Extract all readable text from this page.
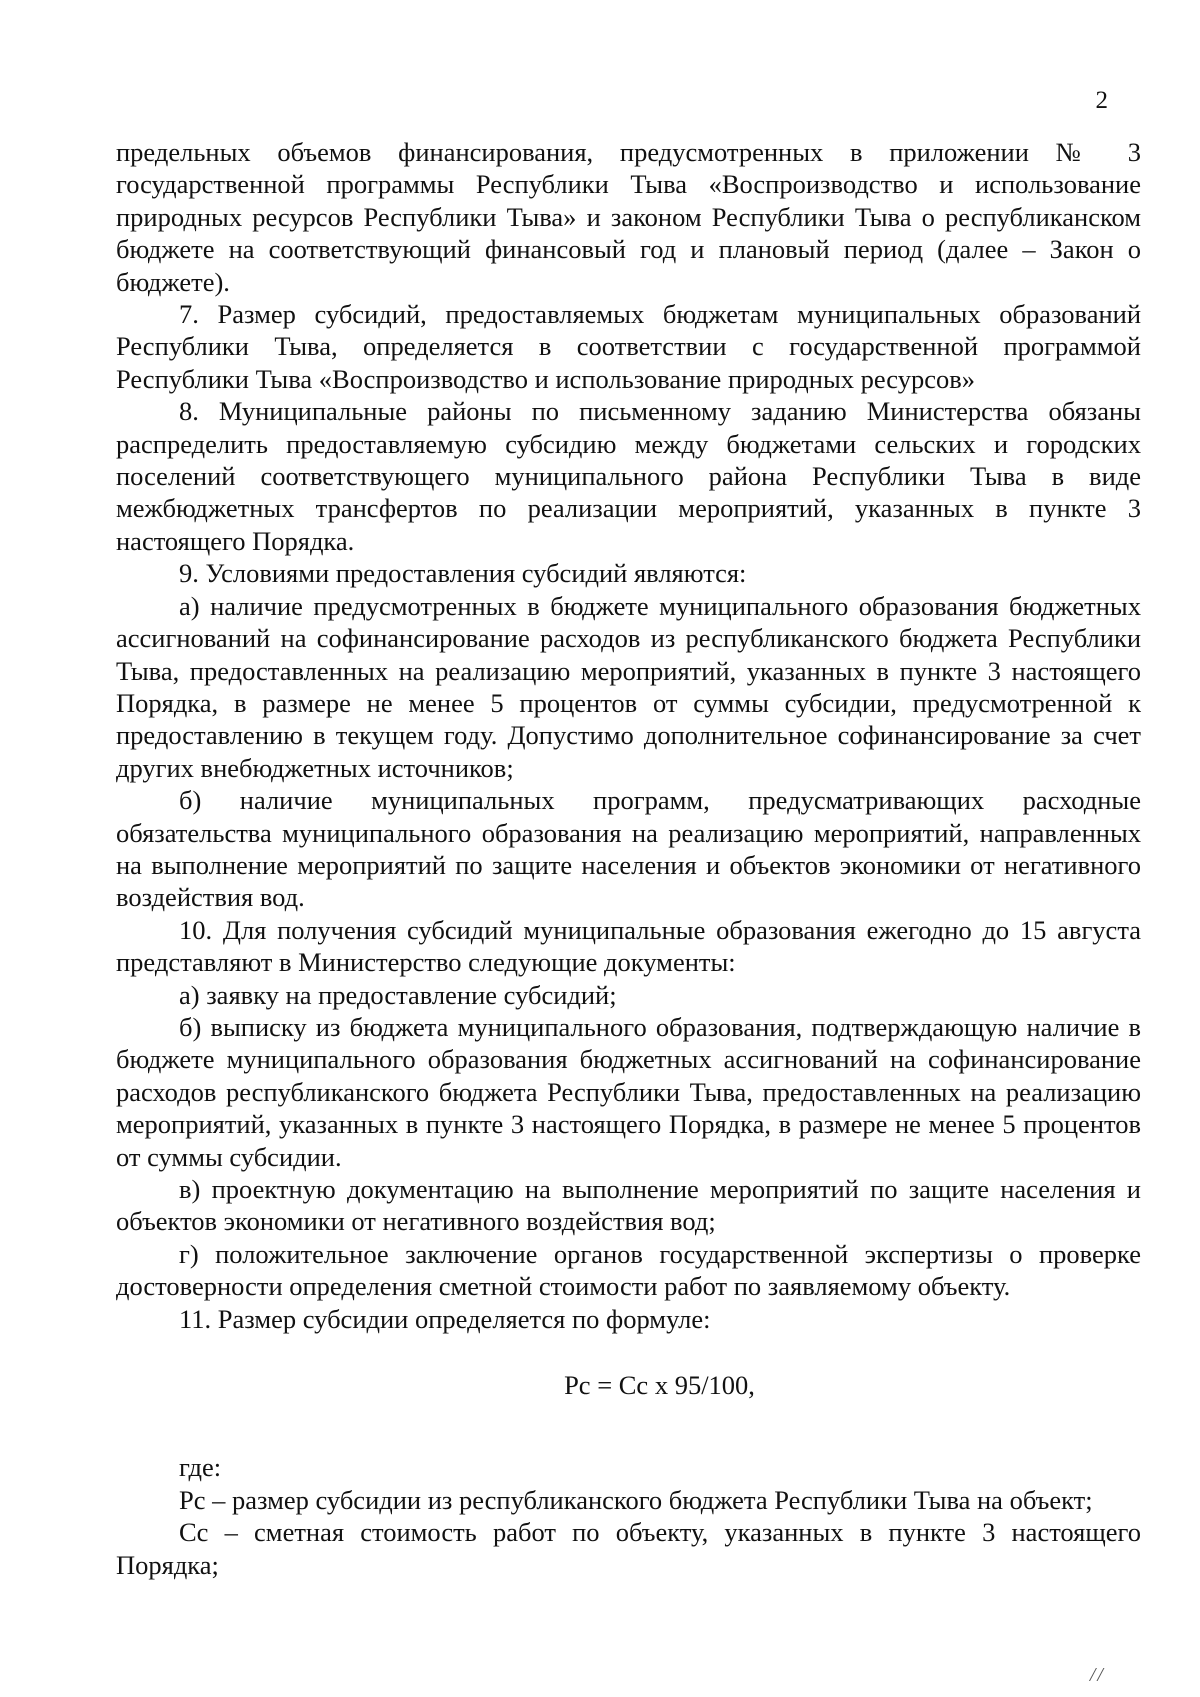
2

предельных объемов финансирования, предусмотренных в приложении № 3 государственной программы Республики Тыва «Воспроизводство и использование природных ресурсов Республики Тыва» и законом Республики Тыва о республиканском бюджете на соответствующий финансовый год и плановый период (далее – Закон о бюджете).

7. Размер субсидий, предоставляемых бюджетам муниципальных образований Республики Тыва, определяется в соответствии с государственной программой Республики Тыва «Воспроизводство и использование природных ресурсов»

8. Муниципальные районы по письменному заданию Министерства обязаны распределить предоставляемую субсидию между бюджетами сельских и городских поселений соответствующего муниципального района Республики Тыва в виде межбюджетных трансфертов по реализации мероприятий, указанных в пункте 3 настоящего Порядка.

9. Условиями предоставления субсидий являются:

а) наличие предусмотренных в бюджете муниципального образования бюджетных ассигнований на софинансирование расходов из республиканского бюджета Республики Тыва, предоставленных на реализацию мероприятий, указанных в пункте 3 настоящего Порядка, в размере не менее 5 процентов от суммы субсидии, предусмотренной к предоставлению в текущем году. Допустимо дополнительное софинансирование за счет других внебюджетных источников;

б) наличие муниципальных программ, предусматривающих расходные обязательства муниципального образования на реализацию мероприятий, направленных на выполнение мероприятий по защите населения и объектов экономики от негативного воздействия вод.

10. Для получения субсидий муниципальные образования ежегодно до 15 августа представляют в Министерство следующие документы:

а) заявку на предоставление субсидий;

б) выписку из бюджета муниципального образования, подтверждающую наличие в бюджете муниципального образования бюджетных ассигнований на софинансирование расходов республиканского бюджета Республики Тыва, предоставленных на реализацию мероприятий, указанных в пункте 3 настоящего Порядка, в размере не менее 5 процентов от суммы субсидии.

в) проектную документацию на выполнение мероприятий по защите населения и объектов экономики от негативного воздействия вод;

г) положительное заключение органов государственной экспертизы о проверке достоверности определения сметной стоимости работ по заявляемому объекту.

11. Размер субсидии определяется по формуле:

Pс = Cс x 95/100,

где:

Pс – размер субсидии из республиканского бюджета Республики Тыва на объект;

Cс – сметная стоимость работ по объекту, указанных в пункте 3 настоящего Порядка;

//
